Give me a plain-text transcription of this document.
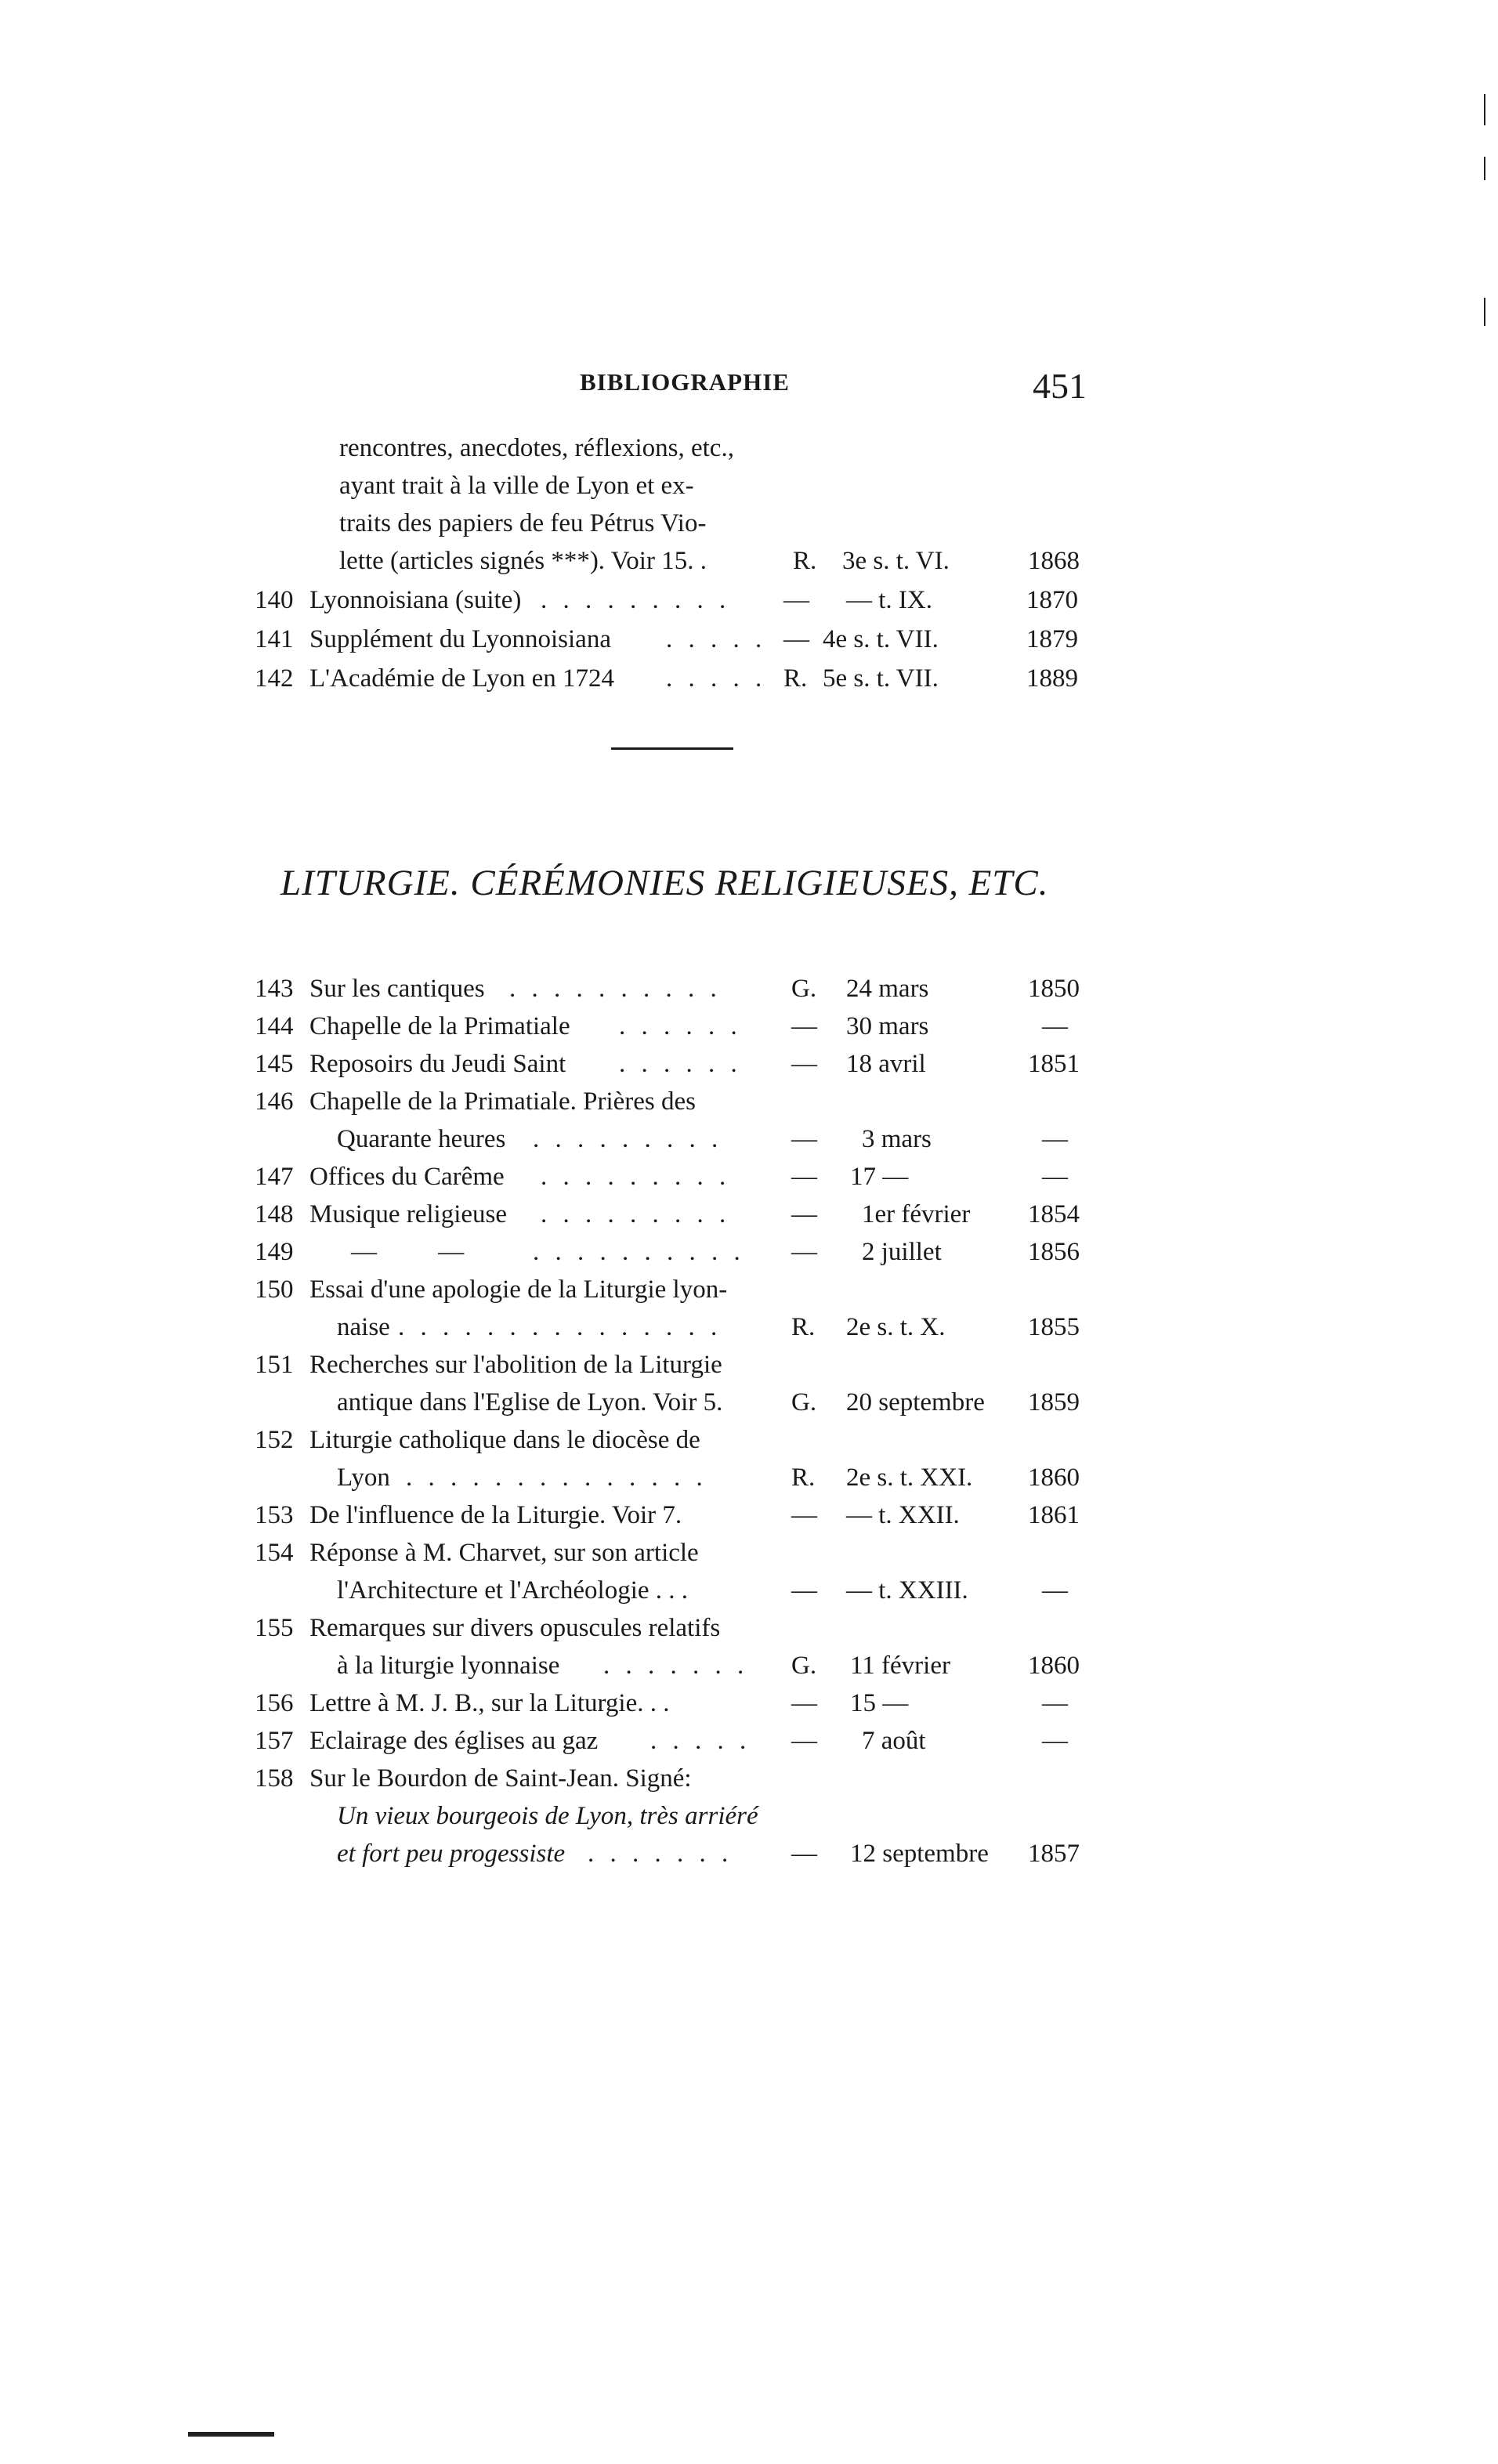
BIBLIOGRAPHIE	451
rencontres, anecdotes, réflexions, etc.,
ayant trait à la ville de Lyon et ex-
traits des papiers de feu Pétrus Vio-
lette (articles signés ***). Voir 15. .	R. 3e s. t. VI.	1868
140 Lyonnoisiana (suite) . . . . . . . . . — — t. IX.	1870
141 Supplément du Lyonnoisiana . . . . . — 4e s. t. VII.	1879
142 L'Académie de Lyon en 1724 . . . . . R. 5e s. t. VII.	1889
LITURGIE. CÉRÉMONIES RELIGIEUSES, ETC.
143 Sur les cantiques . . . . . . . . . .	G. 24 mars	1850
144 Chapelle de la Primatiale . . . . . . — 30 mars	—
145 Reposoirs du Jeudi Saint . . . . . . — 18 avril	1851
146 Chapelle de la Primatiale. Prières des
Quarante heures . . . . . . . . .	— 3 mars	—
147 Offices du Carême . . . . . . . . . — 17 —	—
148 Musique religieuse . . . . . . . . . — 1er février 1854
149 — —	. . . . . . . . . . — 2 juillet	1856
150 Essai d'une apologie de la Liturgie lyon-
naise . . . . . . . . . . . . . . .	R. 2e s. t. X.	1855
151 Recherches sur l'abolition de la Liturgie
antique dans l'Eglise de Lyon. Voir 5.	G. 20 septembre 1859
152 Liturgie catholique dans le diocèse de
Lyon . . . . . . . . . . . . . .	R. 2e s. t. XXI. 1860
153 De l'influence de la Liturgie. Voir 7.	— — t. XXII.	1861
154 Réponse à M. Charvet, sur son article
l'Architecture et l'Archéologie . . .	— — t. XXIII.	—
155 Remarques sur divers opuscules relatifs
à la liturgie lyonnaise . . . . . . . G. 11 février	1860
156 Lettre à M. J. B., sur la Liturgie. . .	— 15 —	—
157 Eclairage des églises au gaz . . . . . — 7 août	—
158 Sur le Bourdon de Saint-Jean. Signé:
Un vieux bourgeois de Lyon, très arriéré
et fort peu progessiste . . . . . . . — 12 septembre 1857
